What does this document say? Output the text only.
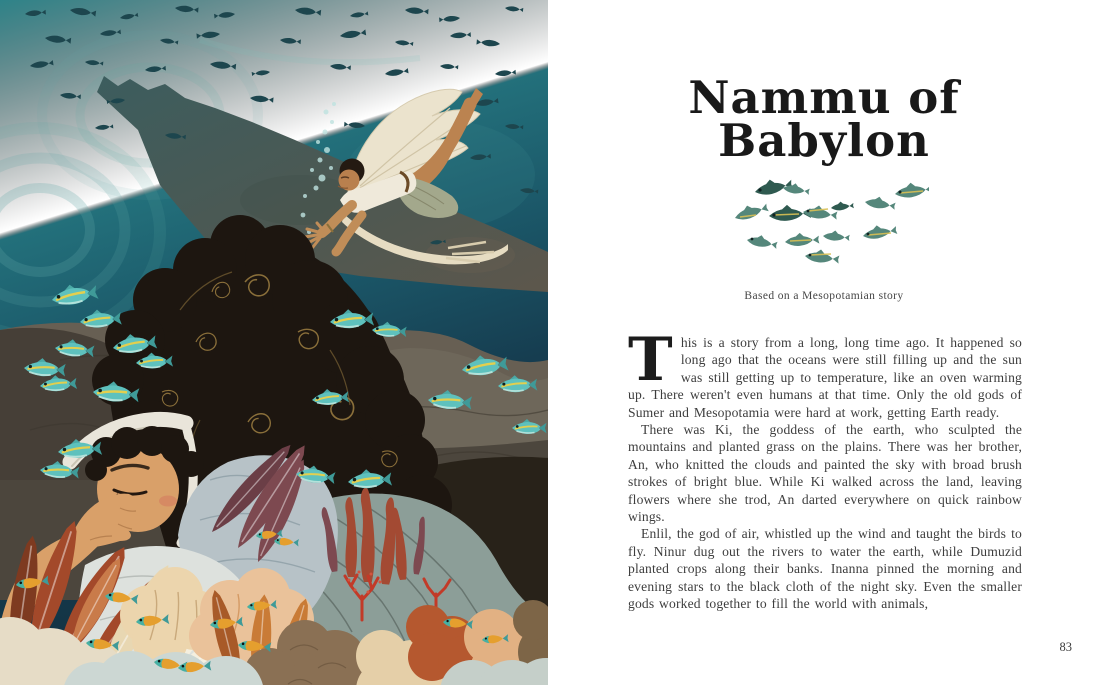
Nammu of
Babylon
Based on a Mesopotamian story

This is a story from a long, long time ago. It happened so long ago that the oceans were still filling up and the sun was still getting up to temperature, like an oven warming up. There weren't even humans at that time. Only the old gods of Sumer and Mesopotamia were hard at work, getting Earth ready.

There was Ki, the goddess of the earth, who sculpted the mountains and planted grass on the plains. There was her brother, An, who knitted the clouds and painted the sky with broad brush strokes of bright blue. While Ki walked across the land, leaving flowers where she trod, An darted everywhere on quick rainbow wings.

Enlil, the god of air, whistled up the wind and taught the birds to fly. Ninur dug out the rivers to water the earth, while Dumuzid planted crops along their banks. Inanna pinned the morning and evening stars to the black cloth of the night sky. Even the smaller gods worked together to fill the world with animals,

83
